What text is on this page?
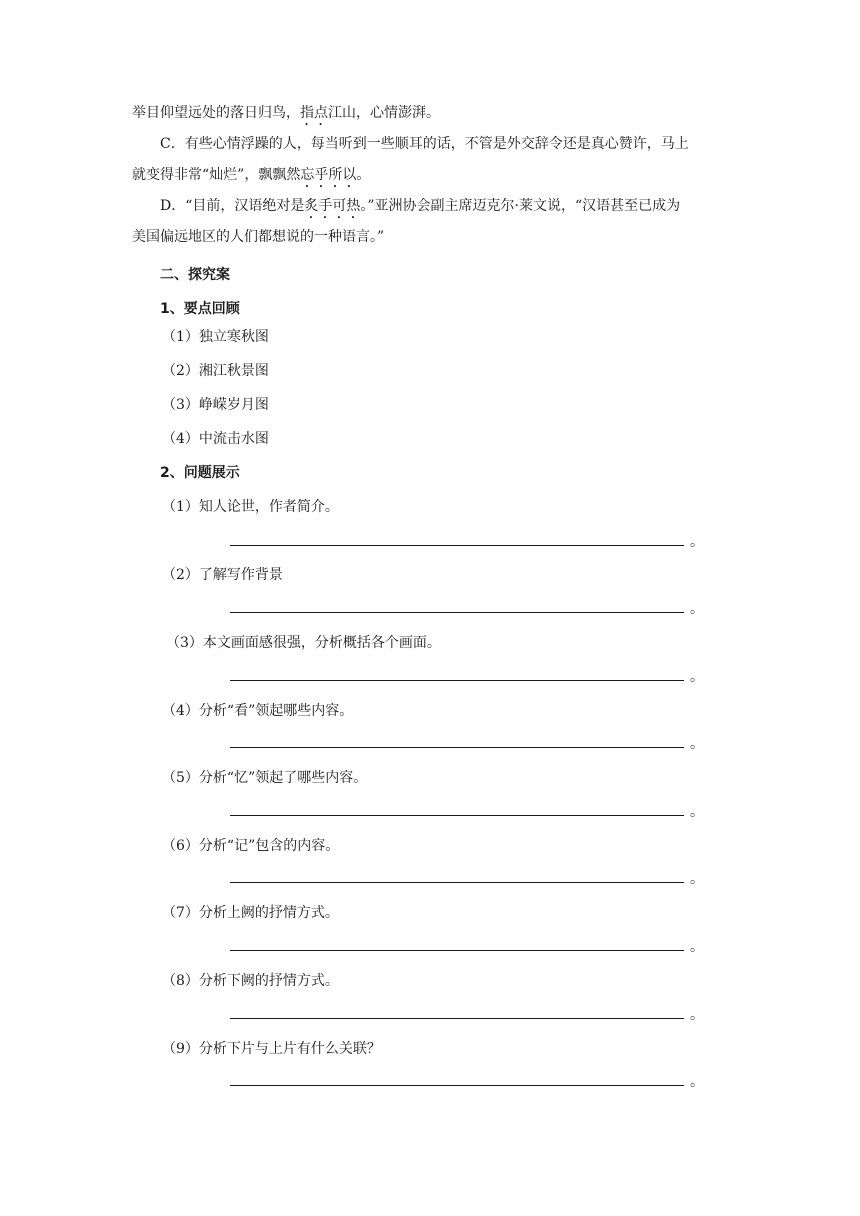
举目仰望远处的落日归鸟，指点江山，心情澎湃。
C．有些心情浮躁的人，每当听到一些顺耳的话，不管是外交辞令还是真心赞许，马上
就变得非常“灿烂”，飘飘然忘乎所以。
D．“目前，汉语绝对是炙手可热。”亚洲协会副主席迈克尔·莱文说，“汉语甚至已成为
美国偏远地区的人们都想说的一种语言。”
二、探究案
1、要点回顾
（1）独立寒秋图
（2）湘江秋景图
（3）峥嵘岁月图
（4）中流击水图
2、问题展示
（1）知人论世，作者简介。
。
（2）了解写作背景
。
（3）本文画面感很强，分析概括各个画面。
。
（4）分析“看”领起哪些内容。
。
（5）分析“忆”领起了哪些内容。
。
（6）分析“记”包含的内容。
。
（7）分析上阙的抒情方式。
。
（8）分析下阙的抒情方式。
。
（9）分析下片与上片有什么关联？
。
